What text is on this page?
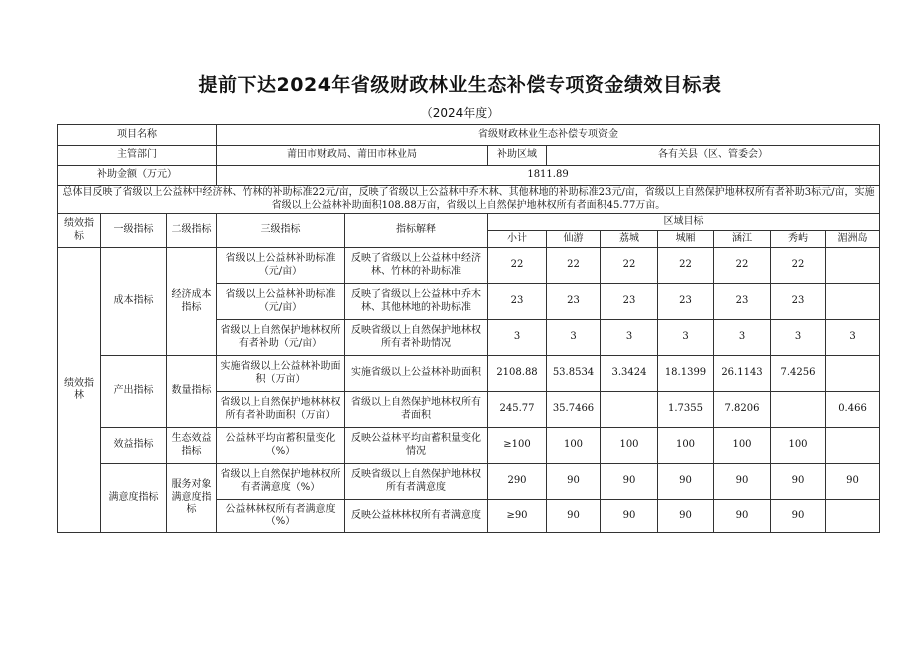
提前下达2024年省级财政林业生态补偿专项资金绩效目标表
（2024年度）
项目名称			省级财政林业生态补偿专项资金								
主管部门			莆田市财政局、莆田市林业局		补助区域	各有关县（区、管委会）					
补助金额（万元）			1811.89								
总体目反映了省级以上公益林中经济林、竹林的补助标准22元/亩，反映了省级以上公益林中乔木林、其他林地的补助标准23元/亩，省级以上自然保护地林权所有者补助3标元/亩，实施省级以上公益林补助面积108.88万亩，省级以上自然保护地林权所有者面积45.77万亩。											
绩效指标	一级指标	二级指标	三级指标	指标解释	区域目标						
					小计	仙游	荔城	城厢	涵江	秀屿	湄洲岛
绩效指林	成本指标	经济成本指标	省级以上公益林补助标准（元/亩）	反映了省级以上公益林中经济林、竹林的补助标准	22	22	22	22	22	22	
			省级以上公益林补助标准（元/亩）	反映了省级以上公益林中乔木林、其他林地的补助标准	23	23	23	23	23	23	
			省级以上自然保护地林权所有者补助（元/亩）	反映省级以上自然保护地林权所有者补助情况	3	3	3	3	3	3	3
	产出指标	数量指标	实施省级以上公益林补助面积（万亩）	实施省级以上公益林补助面积	2108.88	53.8534	3.3424	18.1399	26.1143	7.4256	
			省级以上自然保护地林林权所有者补助面积（万亩）	省级以上自然保护地林权所有者面积	245.77	35.7466		1.7355	7.8206		0.466
	效益指标	生态效益指标	公益林平均亩蓄积量变化（%）	反映公益林平均亩蓄积量变化情况	≥100	100	100	100	100	100	
	满意度指标	服务对象满意度指标	省级以上自然保护地林权所有者满意度（%）	反映省级以上自然保护地林权所有者满意度	290	90	90	90	90	90	90
			公益林林权所有者满意度（%）	反映公益林林权所有者满意度	≥90	90	90	90	90	90	
